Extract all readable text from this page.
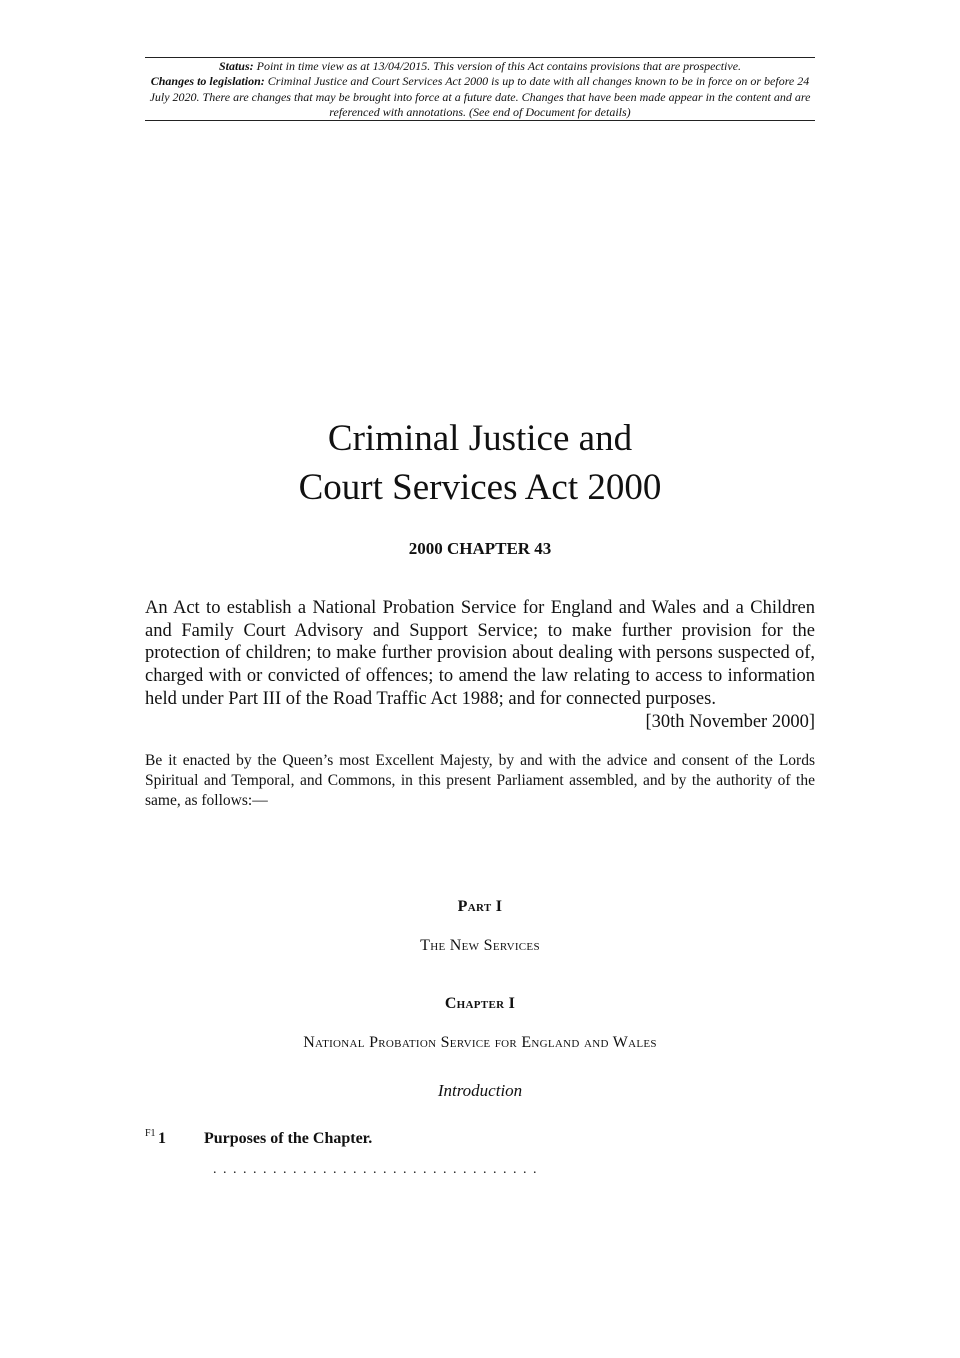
Status: Point in time view as at 13/04/2015. This version of this Act contains provisions that are prospective.
Changes to legislation: Criminal Justice and Court Services Act 2000 is up to date with all changes known to be in force on or before 24 July 2020. There are changes that may be brought into force at a future date. Changes that have been made appear in the content and are referenced with annotations. (See end of Document for details)
Criminal Justice and
Court Services Act 2000
2000 CHAPTER 43

An Act to establish a National Probation Service for England and Wales and a Children and Family Court Advisory and Support Service; to make further provision for the protection of children; to make further provision about dealing with persons suspected of, charged with or convicted of offences; to amend the law relating to access to information held under Part III of the Road Traffic Act 1988; and for connected purposes.
[30th November 2000]

Be it enacted by the Queen’s most Excellent Majesty, by and with the advice and consent of the Lords Spiritual and Temporal, and Commons, in this present Parliament assembled, and by the authority of the same, as follows:—

Part I
The New Services
Chapter I
National Probation Service for England and Wales
Introduction
F1 1 Purposes of the Chapter.
. . . . . . . . . . . . . . . . . . . . . . . . . . . . . . . . .
